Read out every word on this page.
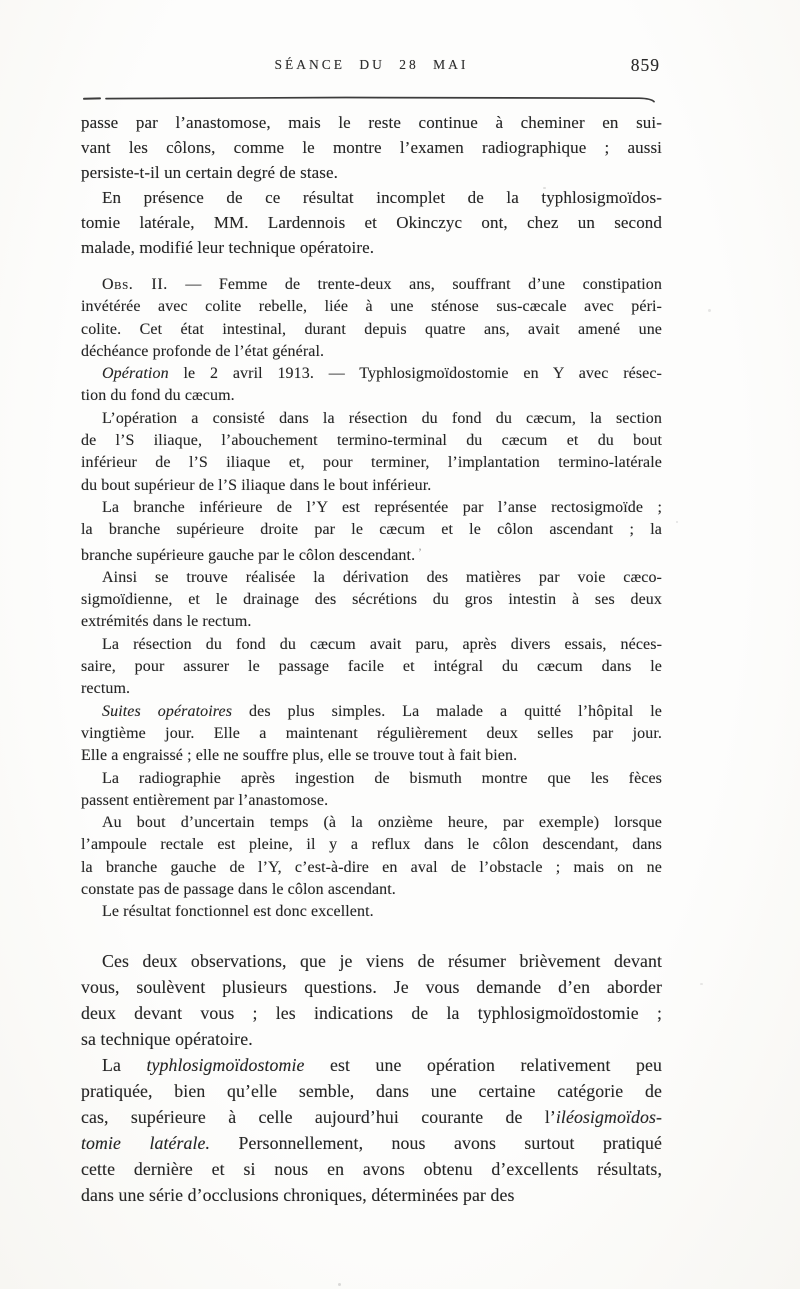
SÉANCE DU 28 MAI	859
passe par l’anastomose, mais le reste continue à cheminer en sui-
vant les côlons, comme le montre l’examen radiographique ; aussi
persiste-t-il un certain degré de stase.
En présence de ce résultat incomplet de la typhlosigmoïdos-
tomie latérale, MM. Lardennois et Okinczyc ont, chez un second
malade, modifié leur technique opératoire.
Obs. II. — Femme de trente-deux ans, souffrant d’une constipation
invétérée avec colite rebelle, liée à une sténose sus-cæcale avec péri-
colite. Cet état intestinal, durant depuis quatre ans, avait amené une
déchéance profonde de l’état général.
Opération le 2 avril 1913. — Typhlosigmoïdostomie en Y avec résec-
tion du fond du cæcum.
L’opération a consisté dans la résection du fond du cæcum, la section
de l’S iliaque, l’abouchement termino-terminal du cæcum et du bout
inférieur de l’S iliaque et, pour terminer, l’implantation termino-latérale
du bout supérieur de l’S iliaque dans le bout inférieur.
La branche inférieure de l’Y est représentée par l’anse rectosigmoïde ;
la branche supérieure droite par le cæcum et le côlon ascendant ; la
branche supérieure gauche par le côlon descendant. ’
Ainsi se trouve réalisée la dérivation des matières par voie cæco-
sigmoïdienne, et le drainage des sécrétions du gros intestin à ses deux
extrémités dans le rectum.
La résection du fond du cæcum avait paru, après divers essais, néces-
saire, pour assurer le passage facile et intégral du cæcum dans le
rectum.
Suites opératoires des plus simples. La malade a quitté l’hôpital le
vingtième jour. Elle a maintenant régulièrement deux selles par jour.
Elle a engraissé ; elle ne souffre plus, elle se trouve tout à fait bien.
La radiographie après ingestion de bismuth montre que les fèces
passent entièrement par l’anastomose.
Au bout d’uncertain temps (à la onzième heure, par exemple) lorsque
l’ampoule rectale est pleine, il y a reflux dans le côlon descendant, dans
la branche gauche de l’Y, c’est-à-dire en aval de l’obstacle ; mais on ne
constate pas de passage dans le côlon ascendant.
Le résultat fonctionnel est donc excellent.
Ces deux observations, que je viens de résumer brièvement devant
vous, soulèvent plusieurs questions. Je vous demande d’en aborder
deux devant vous ; les indications de la typhlosigmoïdostomie ;
sa technique opératoire.
La typhlosigmoïdostomie est une opération relativement peu
pratiquée, bien qu’elle semble, dans une certaine catégorie de
cas, supérieure à celle aujourd’hui courante de l’iléosigmoïdos-
tomie latérale. Personnellement, nous avons surtout pratiqué
cette dernière et si nous en avons obtenu d’excellents résultats,
dans une série d’occlusions chroniques, déterminées par des
